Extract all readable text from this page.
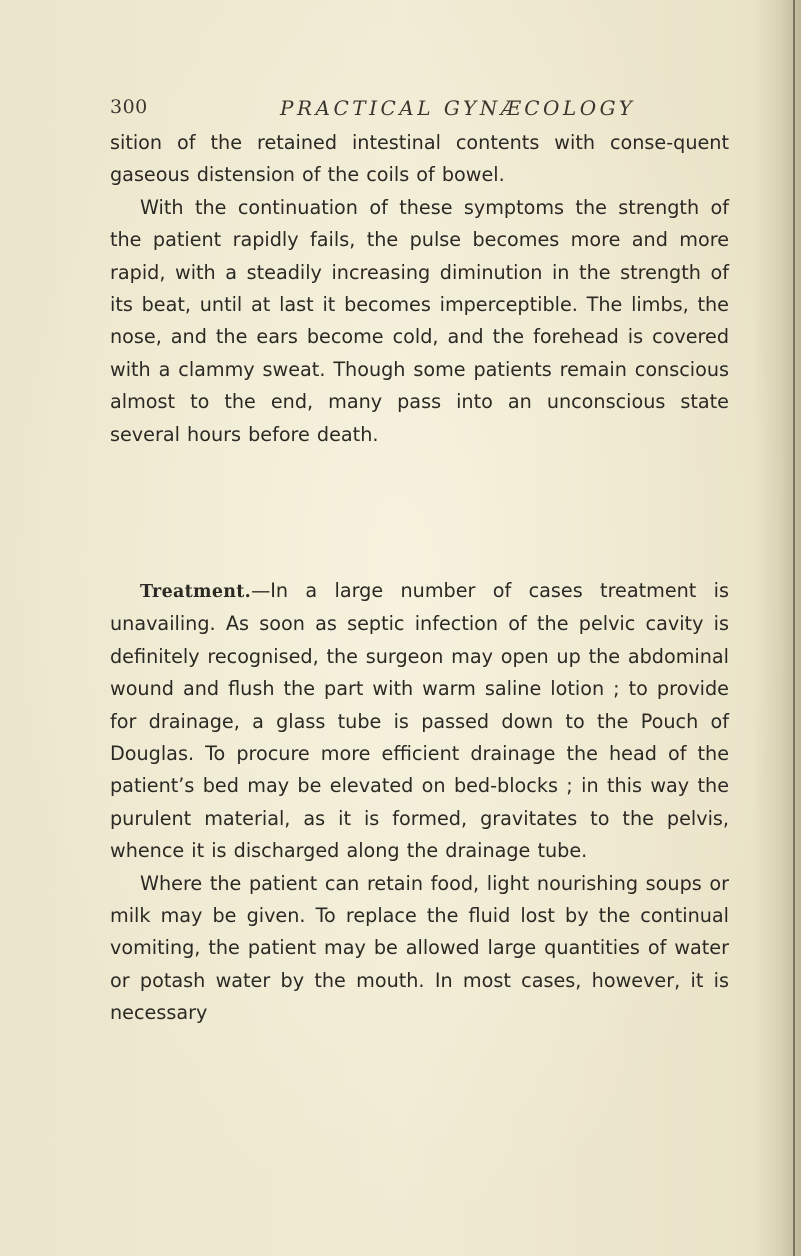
300	PRACTICAL GYNÆCOLOGY

sition of the retained intestinal contents with conse-quent gaseous distension of the coils of bowel.

With the continuation of these symptoms the strength of the patient rapidly fails, the pulse becomes more and more rapid, with a steadily increasing diminution in the strength of its beat, until at last it becomes imperceptible. The limbs, the nose, and the ears become cold, and the forehead is covered with a clammy sweat. Though some patients remain conscious almost to the end, many pass into an unconscious state several hours before death.

Treatment.—In a large number of cases treatment is unavailing. As soon as septic infection of the pelvic cavity is definitely recognised, the surgeon may open up the abdominal wound and flush the part with warm saline lotion ; to provide for drainage, a glass tube is passed down to the Pouch of Douglas. To procure more efficient drainage the head of the patient’s bed may be elevated on bed-blocks ; in this way the purulent material, as it is formed, gravitates to the pelvis, whence it is discharged along the drainage tube.

Where the patient can retain food, light nourishing soups or milk may be given. To replace the fluid lost by the continual vomiting, the patient may be allowed large quantities of water or potash water by the mouth. In most cases, however, it is necessary
